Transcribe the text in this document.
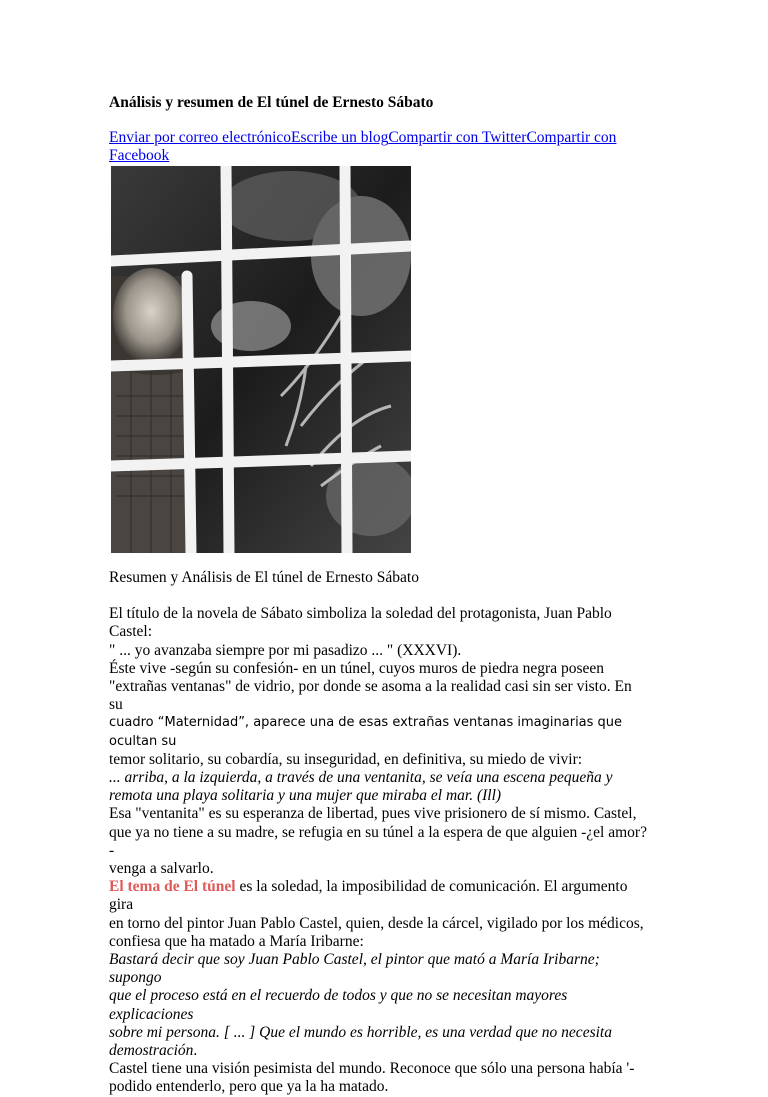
Análisis y resumen de El túnel de Ernesto Sábato
Enviar por correo electrónicoEscribe un blogCompartir con TwitterCompartir con Facebook

Resumen y Análisis de El túnel de Ernesto Sábato

El título de la novela de Sábato simboliza la soledad del protagonista, Juan Pablo

Castel:

" ... yo avanzaba siempre por mi pasadizo ... " (XXXVI).

Éste vive -según su confesión- en un túnel, cuyos muros de piedra negra poseen

"extrañas ventanas" de vidrio, por donde se asoma a la realidad casi sin ser visto. En su

cuadro “Maternidad”, aparece una de esas extrañas ventanas imaginarias que ocultan su

temor solitario, su cobardía, su inseguridad, en definitiva, su miedo de vivir:

... arriba, a la izquierda, a través de una ventanita, se veía una escena pequeña y

remota una playa solitaria y una mujer que miraba el mar. (Ill)

Esa "ventanita" es su esperanza de libertad, pues vive prisionero de sí mismo. Castel,

que ya no tiene a su madre, se refugia en su túnel a la espera de que alguien -¿el amor?-

venga a salvarlo.

El tema de El túnel es la soledad, la imposibilidad de comunicación. El argumento gira

en torno del pintor Juan Pablo Castel, quien, desde la cárcel, vigilado por los médicos,

confiesa que ha matado a María Iribarne:

Bastará decir que soy Juan Pablo Castel, el pintor que mató a María Iribarne; supongo

que el proceso está en el recuerdo de todos y que no se necesitan mayores explicaciones

sobre mi persona. [ ... ] Que el mundo es horrible, es una verdad que no necesita

demostración.

Castel tiene una visión pesimista del mundo. Reconoce que sólo una persona había '-

podido entenderlo, pero que ya la ha matado.
